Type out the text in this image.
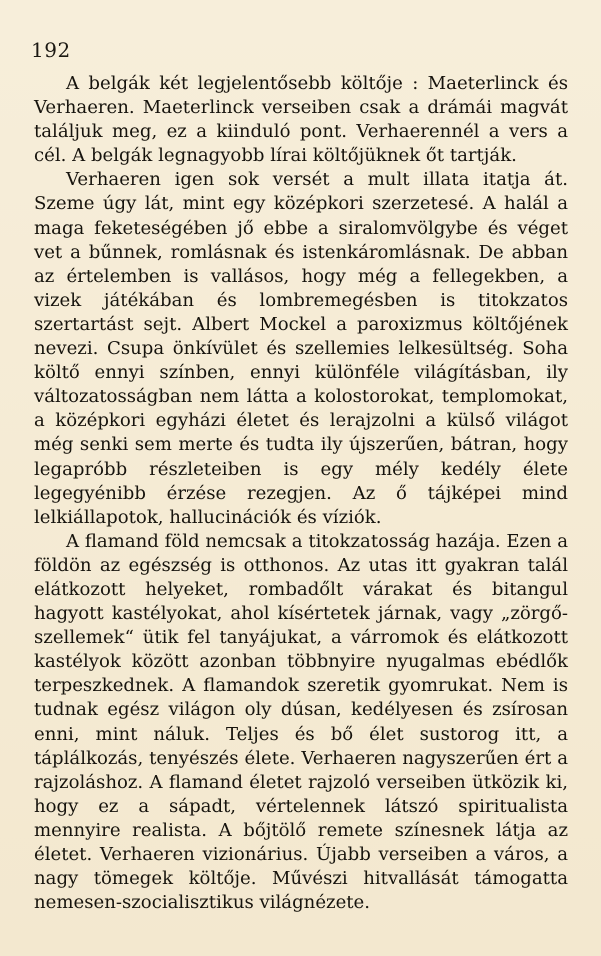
192

A belgák két legjelentősebb költője : Maeterlinck és Verhaeren. Maeterlinck verseiben csak a drámái magvát találjuk meg, ez a kiinduló pont. Verhaerennél a vers a cél. A belgák legnagyobb lírai költőjüknek őt tartják.

Verhaeren igen sok versét a mult illata itatja át. Szeme úgy lát, mint egy középkori szerzetesé. A halál a maga feketeségében jő ebbe a siralomvölgybe és véget vet a bűnnek, romlásnak és istenkáromlásnak. De abban az értelemben is vallásos, hogy még a fellegekben, a vizek játékában és lombremegésben is titokzatos szertartást sejt. Albert Mockel a paroxizmus költőjének nevezi. Csupa önkívület és szellemies lelkesültség. Soha költő ennyi színben, ennyi különféle világításban, ily változatosságban nem látta a kolostorokat, templomokat, a középkori egyházi életet és lerajzolni a külső világot még senki sem merte és tudta ily újszerűen, bátran, hogy legapróbb részleteiben is egy mély kedély élete legegyénibb érzése rezegjen. Az ő tájképei mind lelkiállapotok, hallucinációk és víziók.

A flamand föld nemcsak a titokzatosság hazája. Ezen a földön az egészség is otthonos. Az utas itt gyakran talál elátkozott helyeket, rombadőlt várakat és bitangul hagyott kastélyokat, ahol kísértetek járnak, vagy „zörgő-szellemek“ ütik fel tanyájukat, a várromok és elátkozott kastélyok között azonban többnyire nyugalmas ebédlők terpeszkednek. A flamandok szeretik gyomrukat. Nem is tudnak egész világon oly dúsan, kedélyesen és zsírosan enni, mint náluk. Teljes és bő élet sustorog itt, a táplálkozás, tenyészés élete. Verhaeren nagyszerűen ért a rajzoláshoz. A flamand életet rajzoló verseiben ütközik ki, hogy ez a sápadt, vértelennek látszó spiritualista mennyire realista. A bőjtölő remete színesnek látja az életet. Verhaeren vizionárius. Újabb verseiben a város, a nagy tömegek költője. Művészi hitvallását támogatta nemesen-szocialisztikus világnézete.
